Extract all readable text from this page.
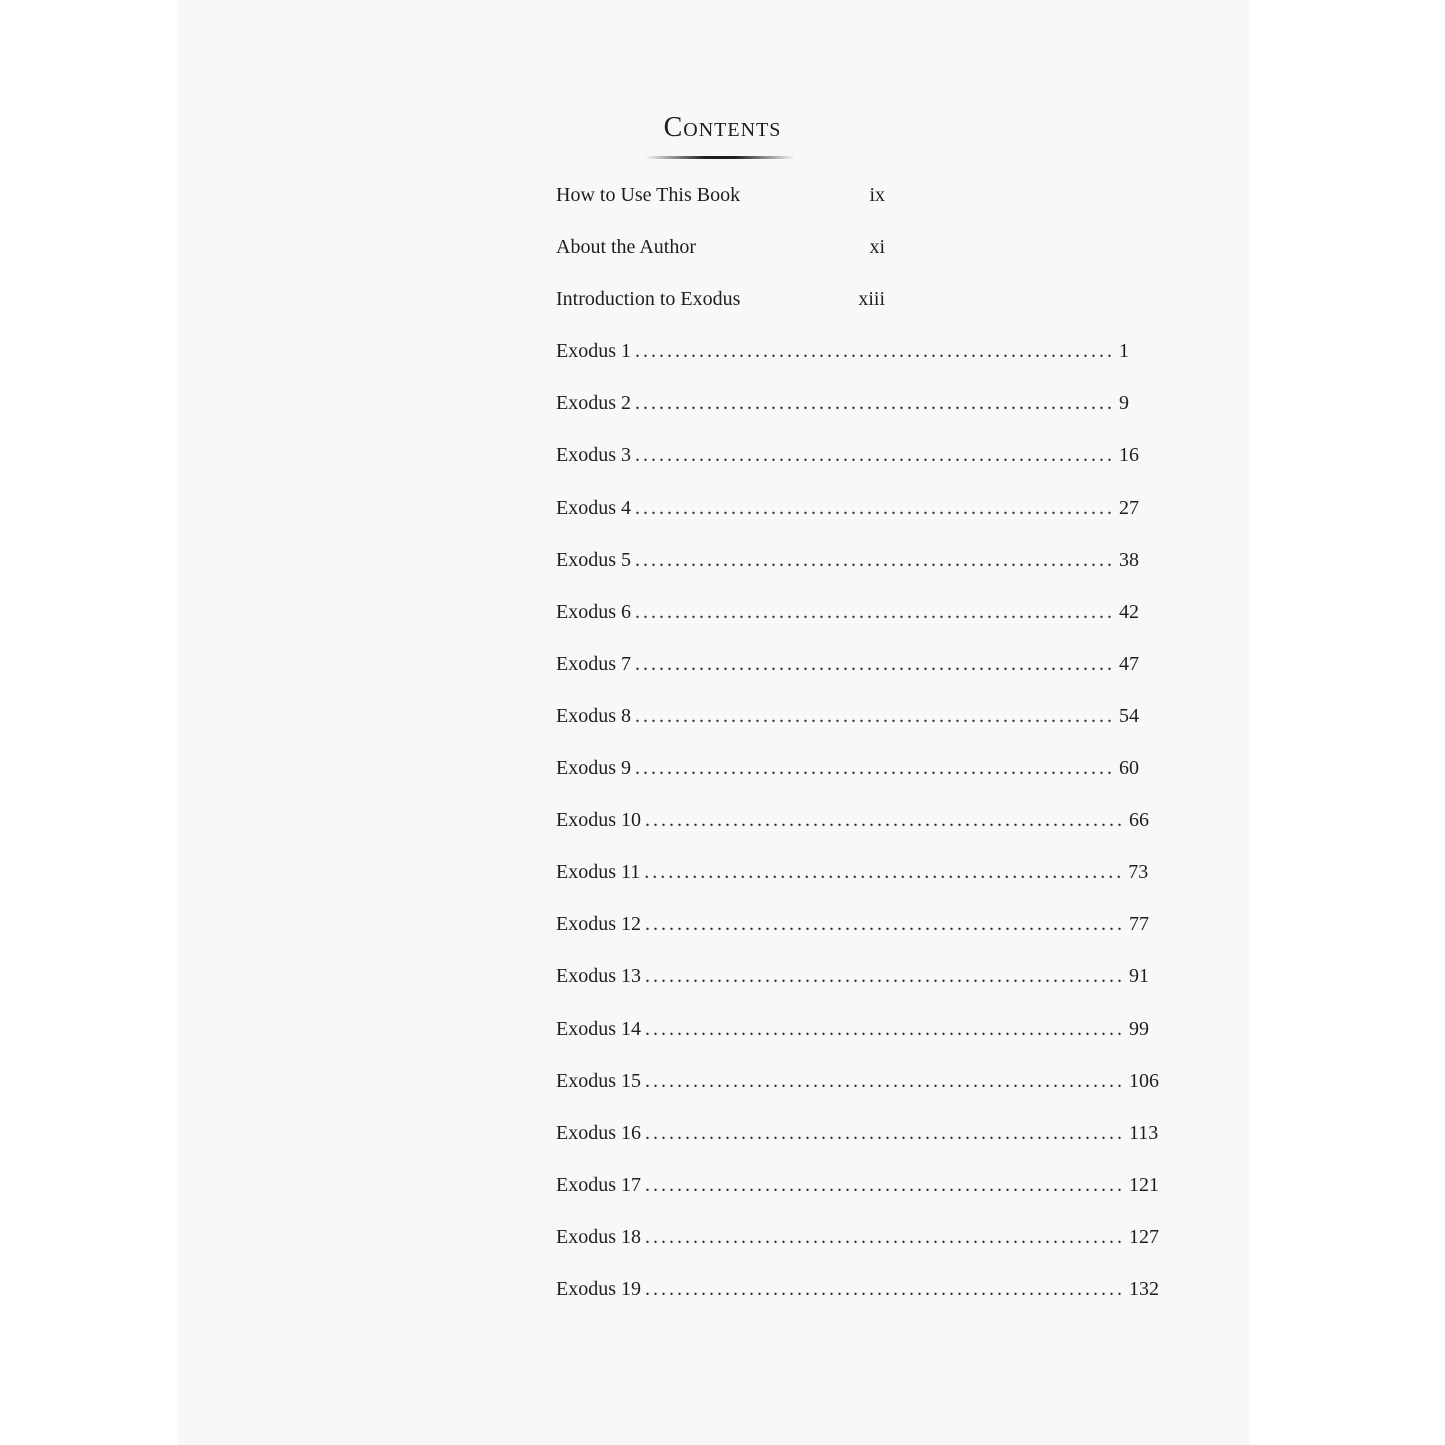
Contents
How to Use This Book	ix
About the Author	xi
Introduction to Exodus	xiii
Exodus 1 ............................................................ 1
Exodus 2 ............................................................ 9
Exodus 3 ............................................................ 16
Exodus 4 ............................................................ 27
Exodus 5 ............................................................ 38
Exodus 6 ............................................................ 42
Exodus 7 ............................................................ 47
Exodus 8 ............................................................ 54
Exodus 9 ............................................................ 60
Exodus 10 ............................................................ 66
Exodus 11 ............................................................ 73
Exodus 12 ............................................................ 77
Exodus 13 ............................................................ 91
Exodus 14 ............................................................ 99
Exodus 15 ............................................................ 106
Exodus 16 ............................................................ 113
Exodus 17 ............................................................ 121
Exodus 18 ............................................................ 127
Exodus 19 ............................................................ 132
